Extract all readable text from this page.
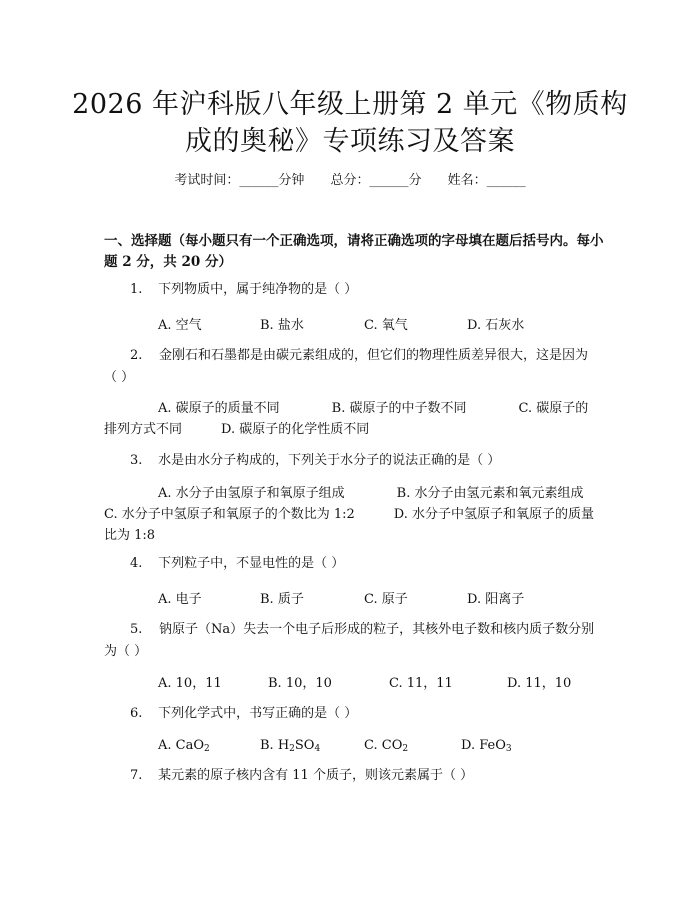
2026 年沪科版八年级上册第 2 单元《物质构
成的奥秘》专项练习及答案
考试时间：______分钟 总分：______分 姓名：______
一、选择题（每小题只有一个正确选项，请将正确选项的字母填在题后括号内。每小题 2 分，共 20 分）
1. 下列物质中，属于纯净物的是（ ）
A. 空气	B. 盐水	C. 氧气	D. 石灰水
2. 金刚石和石墨都是由碳元素组成的，但它们的物理性质差异很大，这是因为（ ）
A. 碳原子的质量不同　　　　B. 碳原子的中子数不同　　　　C. 碳原子的排列方式不同　　　D. 碳原子的化学性质不同
3. 水是由水分子构成的，下列关于水分子的说法正确的是（ ）
A. 水分子由氢原子和氧原子组成　　　　B. 水分子由氢元素和氧元素组成　C. 水分子中氢原子和氧原子的个数比为 1:2　　　D. 水分子中氢原子和氧原子的质量比为 1:8
4. 下列粒子中，不显电性的是（ ）
A. 电子	B. 质子	C. 原子	D. 阳离子
5. 钠原子（Na）失去一个电子后形成的粒子，其核外电子数和核内质子数分别为（ ）
A. 10，11	B. 10，10	C. 11，11	D. 11，10
6. 下列化学式中，书写正确的是（ ）
A. CaO$_2$	B. $H_2SO_4$	C. $CO_2$	D. FeO$_3$
7. 某元素的原子核内含有 11 个质子，则该元素属于（ ）
